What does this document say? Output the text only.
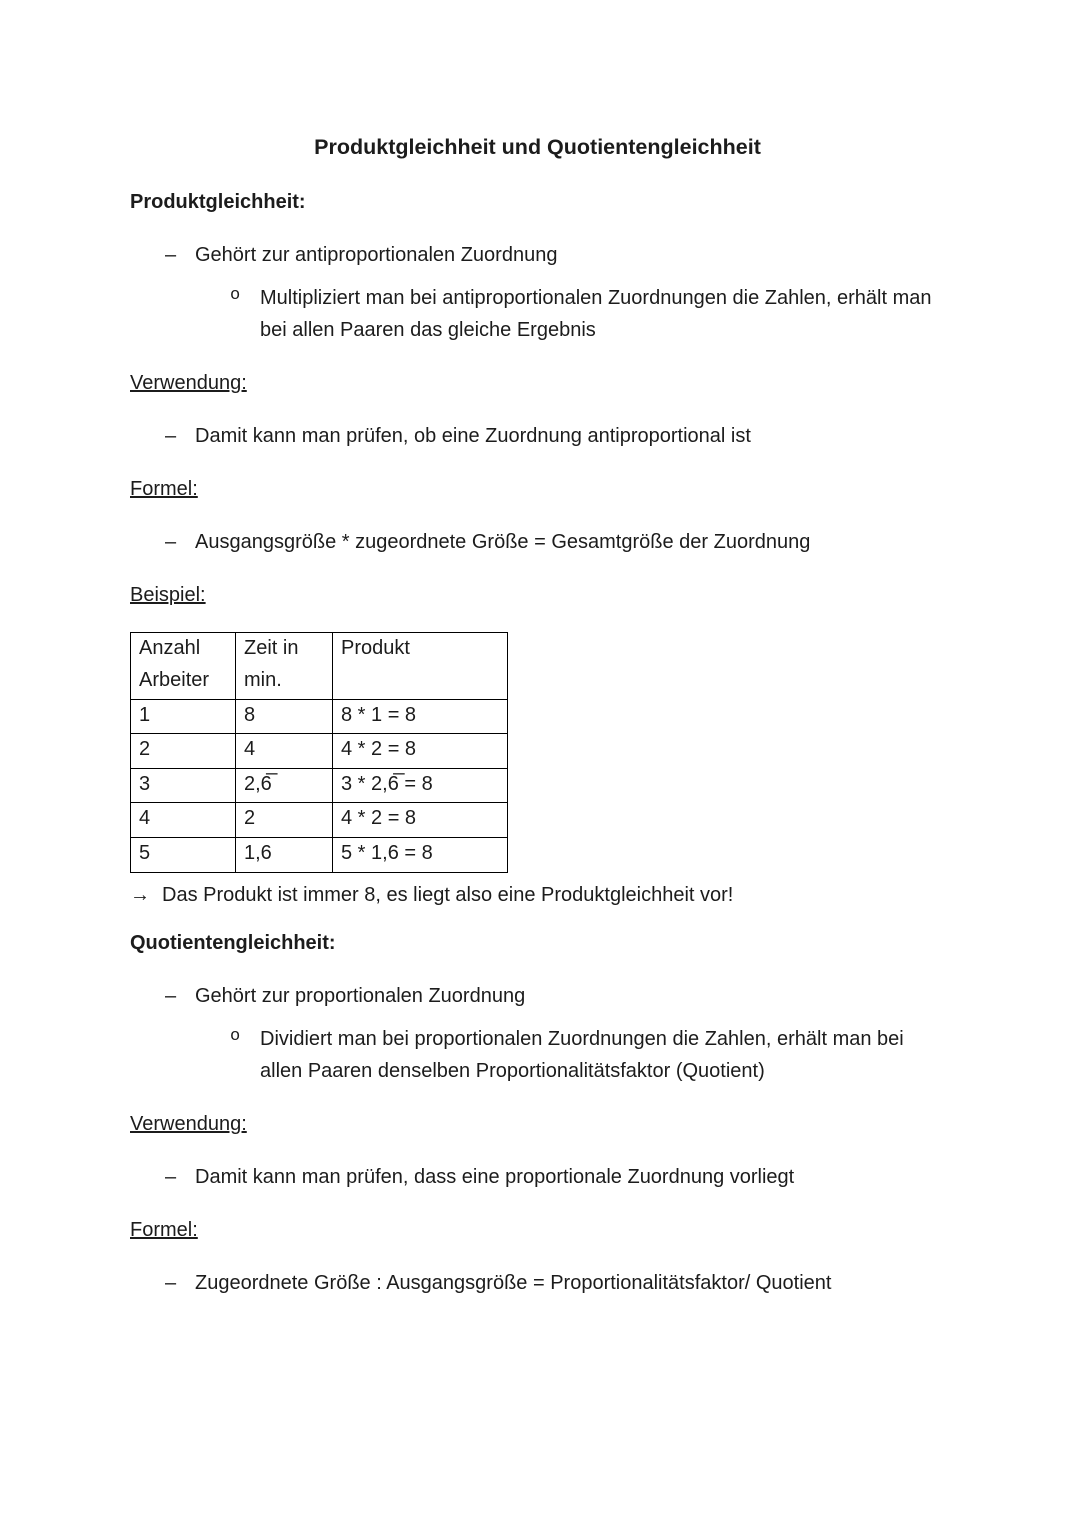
Produktgleichheit und Quotientengleichheit
Produktgleichheit:
– Gehört zur antiproportionalen Zuordnung
o Multipliziert man bei antiproportionalen Zuordnungen die Zahlen, erhält man bei allen Paaren das gleiche Ergebnis
Verwendung:
– Damit kann man prüfen, ob eine Zuordnung antiproportional ist
Formel:
– Ausgangsgröße * zugeordnete Größe = Gesamtgröße der Zuordnung
Beispiel:
Anzahl Arbeiter	Zeit in min.	Produkt
1	8	8 * 1 = 8
2	4	4 * 2 = 8
3	2,6̅	3 * 2,6̅ = 8
4	2	4 * 2 = 8
5	1,6	5 * 1,6 = 8
→ Das Produkt ist immer 8, es liegt also eine Produktgleichheit vor!
Quotientengleichheit:
– Gehört zur proportionalen Zuordnung
o Dividiert man bei proportionalen Zuordnungen die Zahlen, erhält man bei allen Paaren denselben Proportionalitätsfaktor (Quotient)
Verwendung:
– Damit kann man prüfen, dass eine proportionale Zuordnung vorliegt
Formel:
– Zugeordnete Größe : Ausgangsgröße = Proportionalitätsfaktor/ Quotient
